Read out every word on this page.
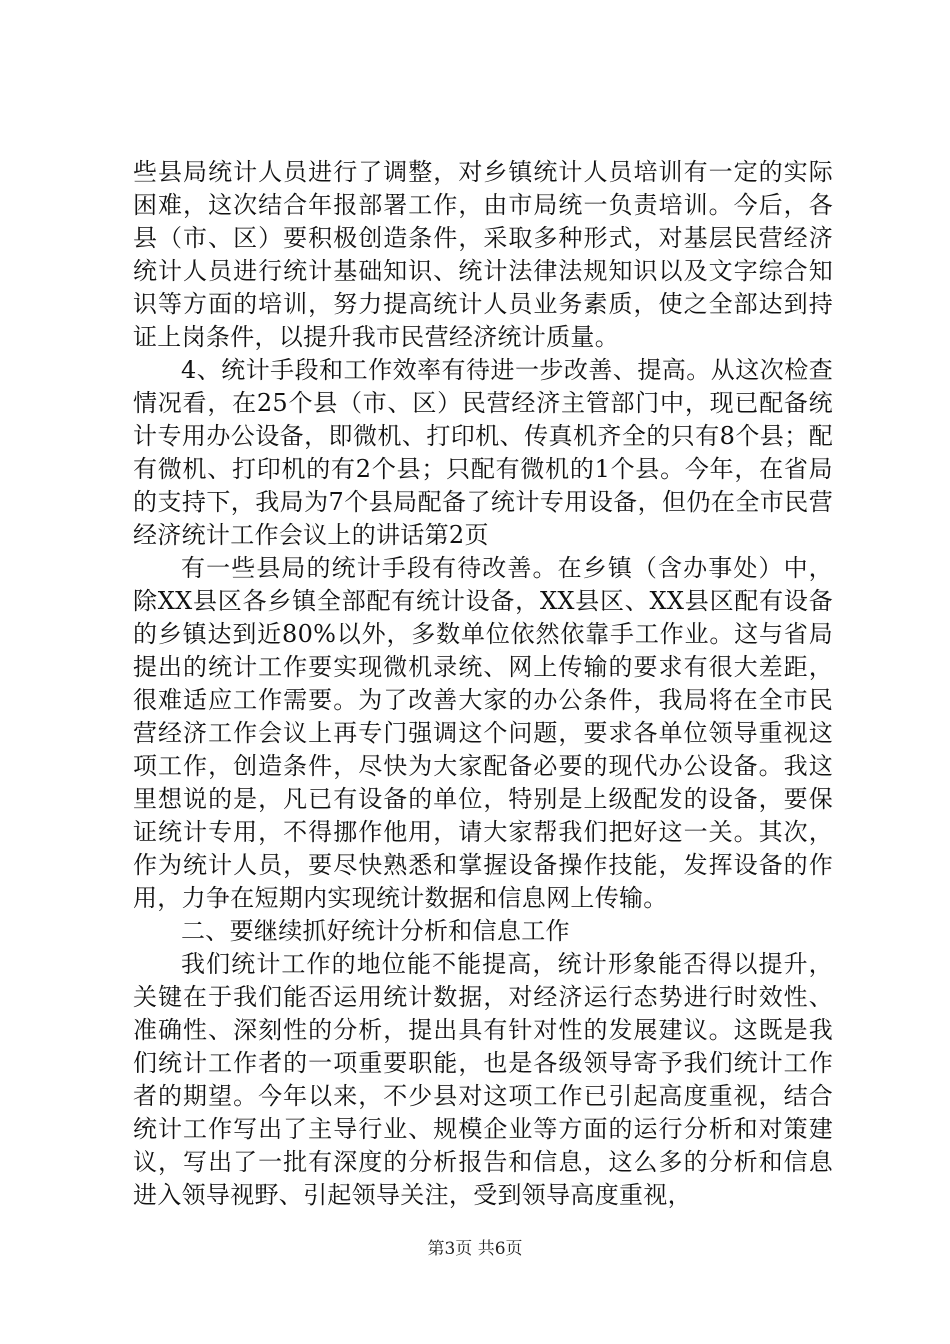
些县局统计人员进行了调整，对乡镇统计人员培训有一定的实际困难，这次结合年报部署工作，由市局统一负责培训。今后，各县（市、区）要积极创造条件，采取多种形式，对基层民营经济统计人员进行统计基础知识、统计法律法规知识以及文字综合知识等方面的培训，努力提高统计人员业务素质，使之全部达到持证上岗条件，以提升我市民营经济统计质量。

4、统计手段和工作效率有待进一步改善、提高。从这次检查情况看，在25个县（市、区）民营经济主管部门中，现已配备统计专用办公设备，即微机、打印机、传真机齐全的只有8个县；配有微机、打印机的有2个县；只配有微机的1个县。今年，在省局的支持下，我局为7个县局配备了统计专用设备，但仍在全市民营经济统计工作会议上的讲话第2页

有一些县局的统计手段有待改善。在乡镇（含办事处）中，除XX县区各乡镇全部配有统计设备，XX县区、XX县区配有设备的乡镇达到近80%以外，多数单位依然依靠手工作业。这与省局提出的统计工作要实现微机录统、网上传输的要求有很大差距，很难适应工作需要。为了改善大家的办公条件，我局将在全市民营经济工作会议上再专门强调这个问题，要求各单位领导重视这项工作，创造条件，尽快为大家配备必要的现代办公设备。我这里想说的是，凡已有设备的单位，特别是上级配发的设备，要保证统计专用，不得挪作他用，请大家帮我们把好这一关。其次，作为统计人员，要尽快熟悉和掌握设备操作技能，发挥设备的作用，力争在短期内实现统计数据和信息网上传输。

二、要继续抓好统计分析和信息工作

我们统计工作的地位能不能提高，统计形象能否得以提升，关键在于我们能否运用统计数据，对经济运行态势进行时效性、准确性、深刻性的分析，提出具有针对性的发展建议。这既是我们统计工作者的一项重要职能，也是各级领导寄予我们统计工作者的期望。今年以来，不少县对这项工作已引起高度重视，结合统计工作写出了主导行业、规模企业等方面的运行分析和对策建议，写出了一批有深度的分析报告和信息，这么多的分析和信息进入领导视野、引起领导关注，受到领导高度重视，

第3页 共6页
